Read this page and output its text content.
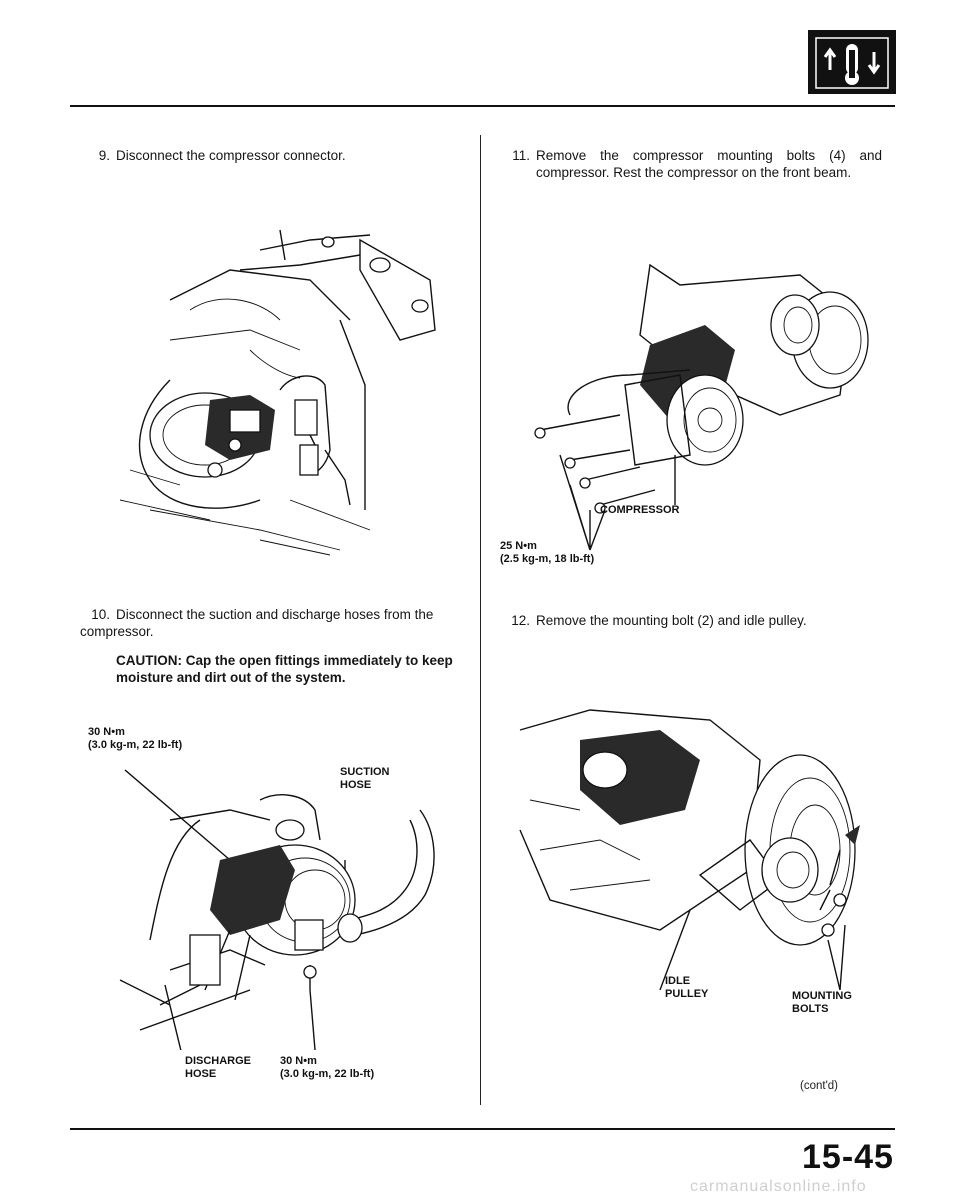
9. Disconnect the compressor connector.
10. Disconnect the suction and discharge hoses from the compressor.
CAUTION: Cap the open fittings immediately to keep moisture and dirt out of the system.
30 N•m
(3.0 kg-m, 22 lb-ft)
SUCTION
HOSE
DISCHARGE
HOSE
30 N•m
(3.0 kg-m, 22 lb-ft)
11. Remove the compressor mounting bolts (4) and compressor. Rest the compressor on the front beam.
COMPRESSOR
25 N•m
(2.5 kg-m, 18 lb-ft)
12. Remove the mounting bolt (2) and idle pulley.
IDLE
PULLEY	MOUNTING
BOLTS
(cont'd)
15-45
carmanualsonline.info
